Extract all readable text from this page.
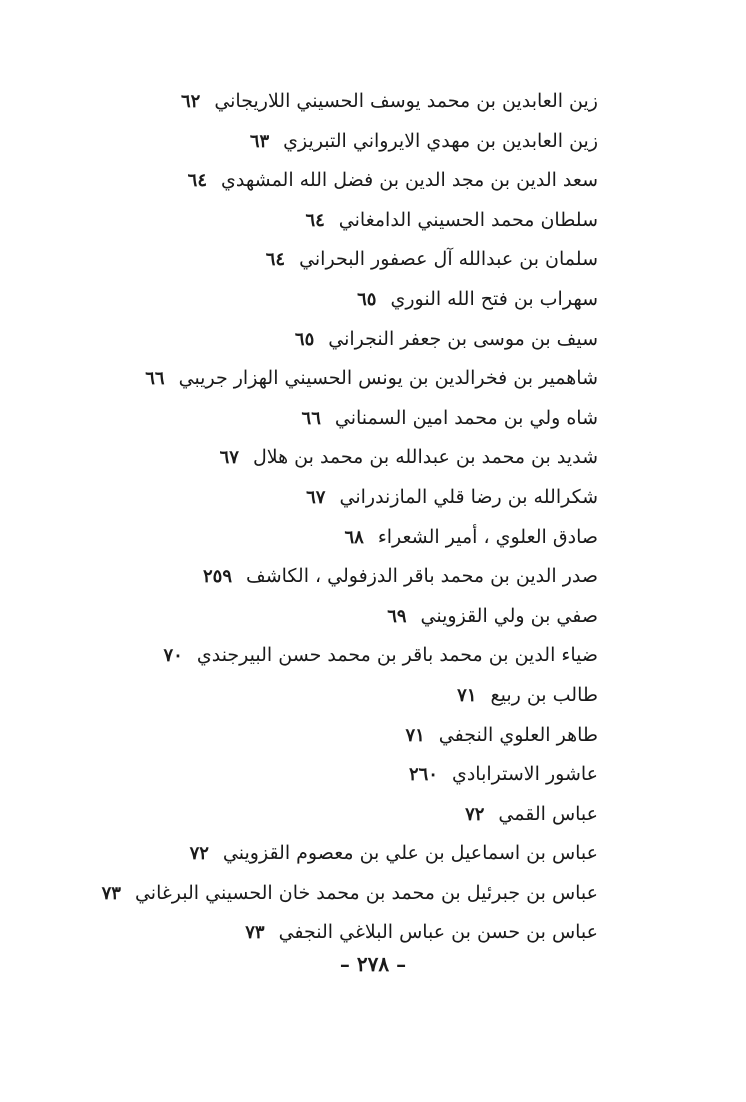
زين العابدين بن محمد يوسف الحسيني اللاريجاني٦٢
زين العابدين بن مهدي الايرواني التبريزي٦٣
سعد الدين بن مجد الدين بن فضل الله المشهدي٦٤
سلطان محمد الحسيني الدامغاني٦٤
سلمان بن عبدالله آل عصفور البحراني٦٤
سهراب بن فتح الله النوري٦٥
سيف بن موسى بن جعفر النجراني٦٥
شاهمير بن فخرالدين بن يونس الحسيني الهزار جريبي٦٦
شاه ولي بن محمد امين السمناني٦٦
شديد بن محمد بن عبدالله بن محمد بن هلال٦٧
شكرالله بن رضا قلي المازندراني٦٧
صادق العلوي ، أمير الشعراء٦٨
صدر الدين بن محمد باقر الدزفولي ، الكاشف٢٥٩
صفي بن ولي القزويني٦٩
ضياء الدين بن محمد باقر بن محمد حسن البيرجندي٧٠
طالب بن ربيع٧١
طاهر العلوي النجفي٧١
عاشور الاسترابادي٢٦٠
عباس القمي٧٢
عباس بن اسماعيل بن علي بن معصوم القزويني٧٢
عباس بن جبرئيل بن محمد بن محمد خان الحسيني البرغاني٧٣
عباس بن حسن بن عباس البلاغي النجفي٧٣
– ٢٧٨ –
